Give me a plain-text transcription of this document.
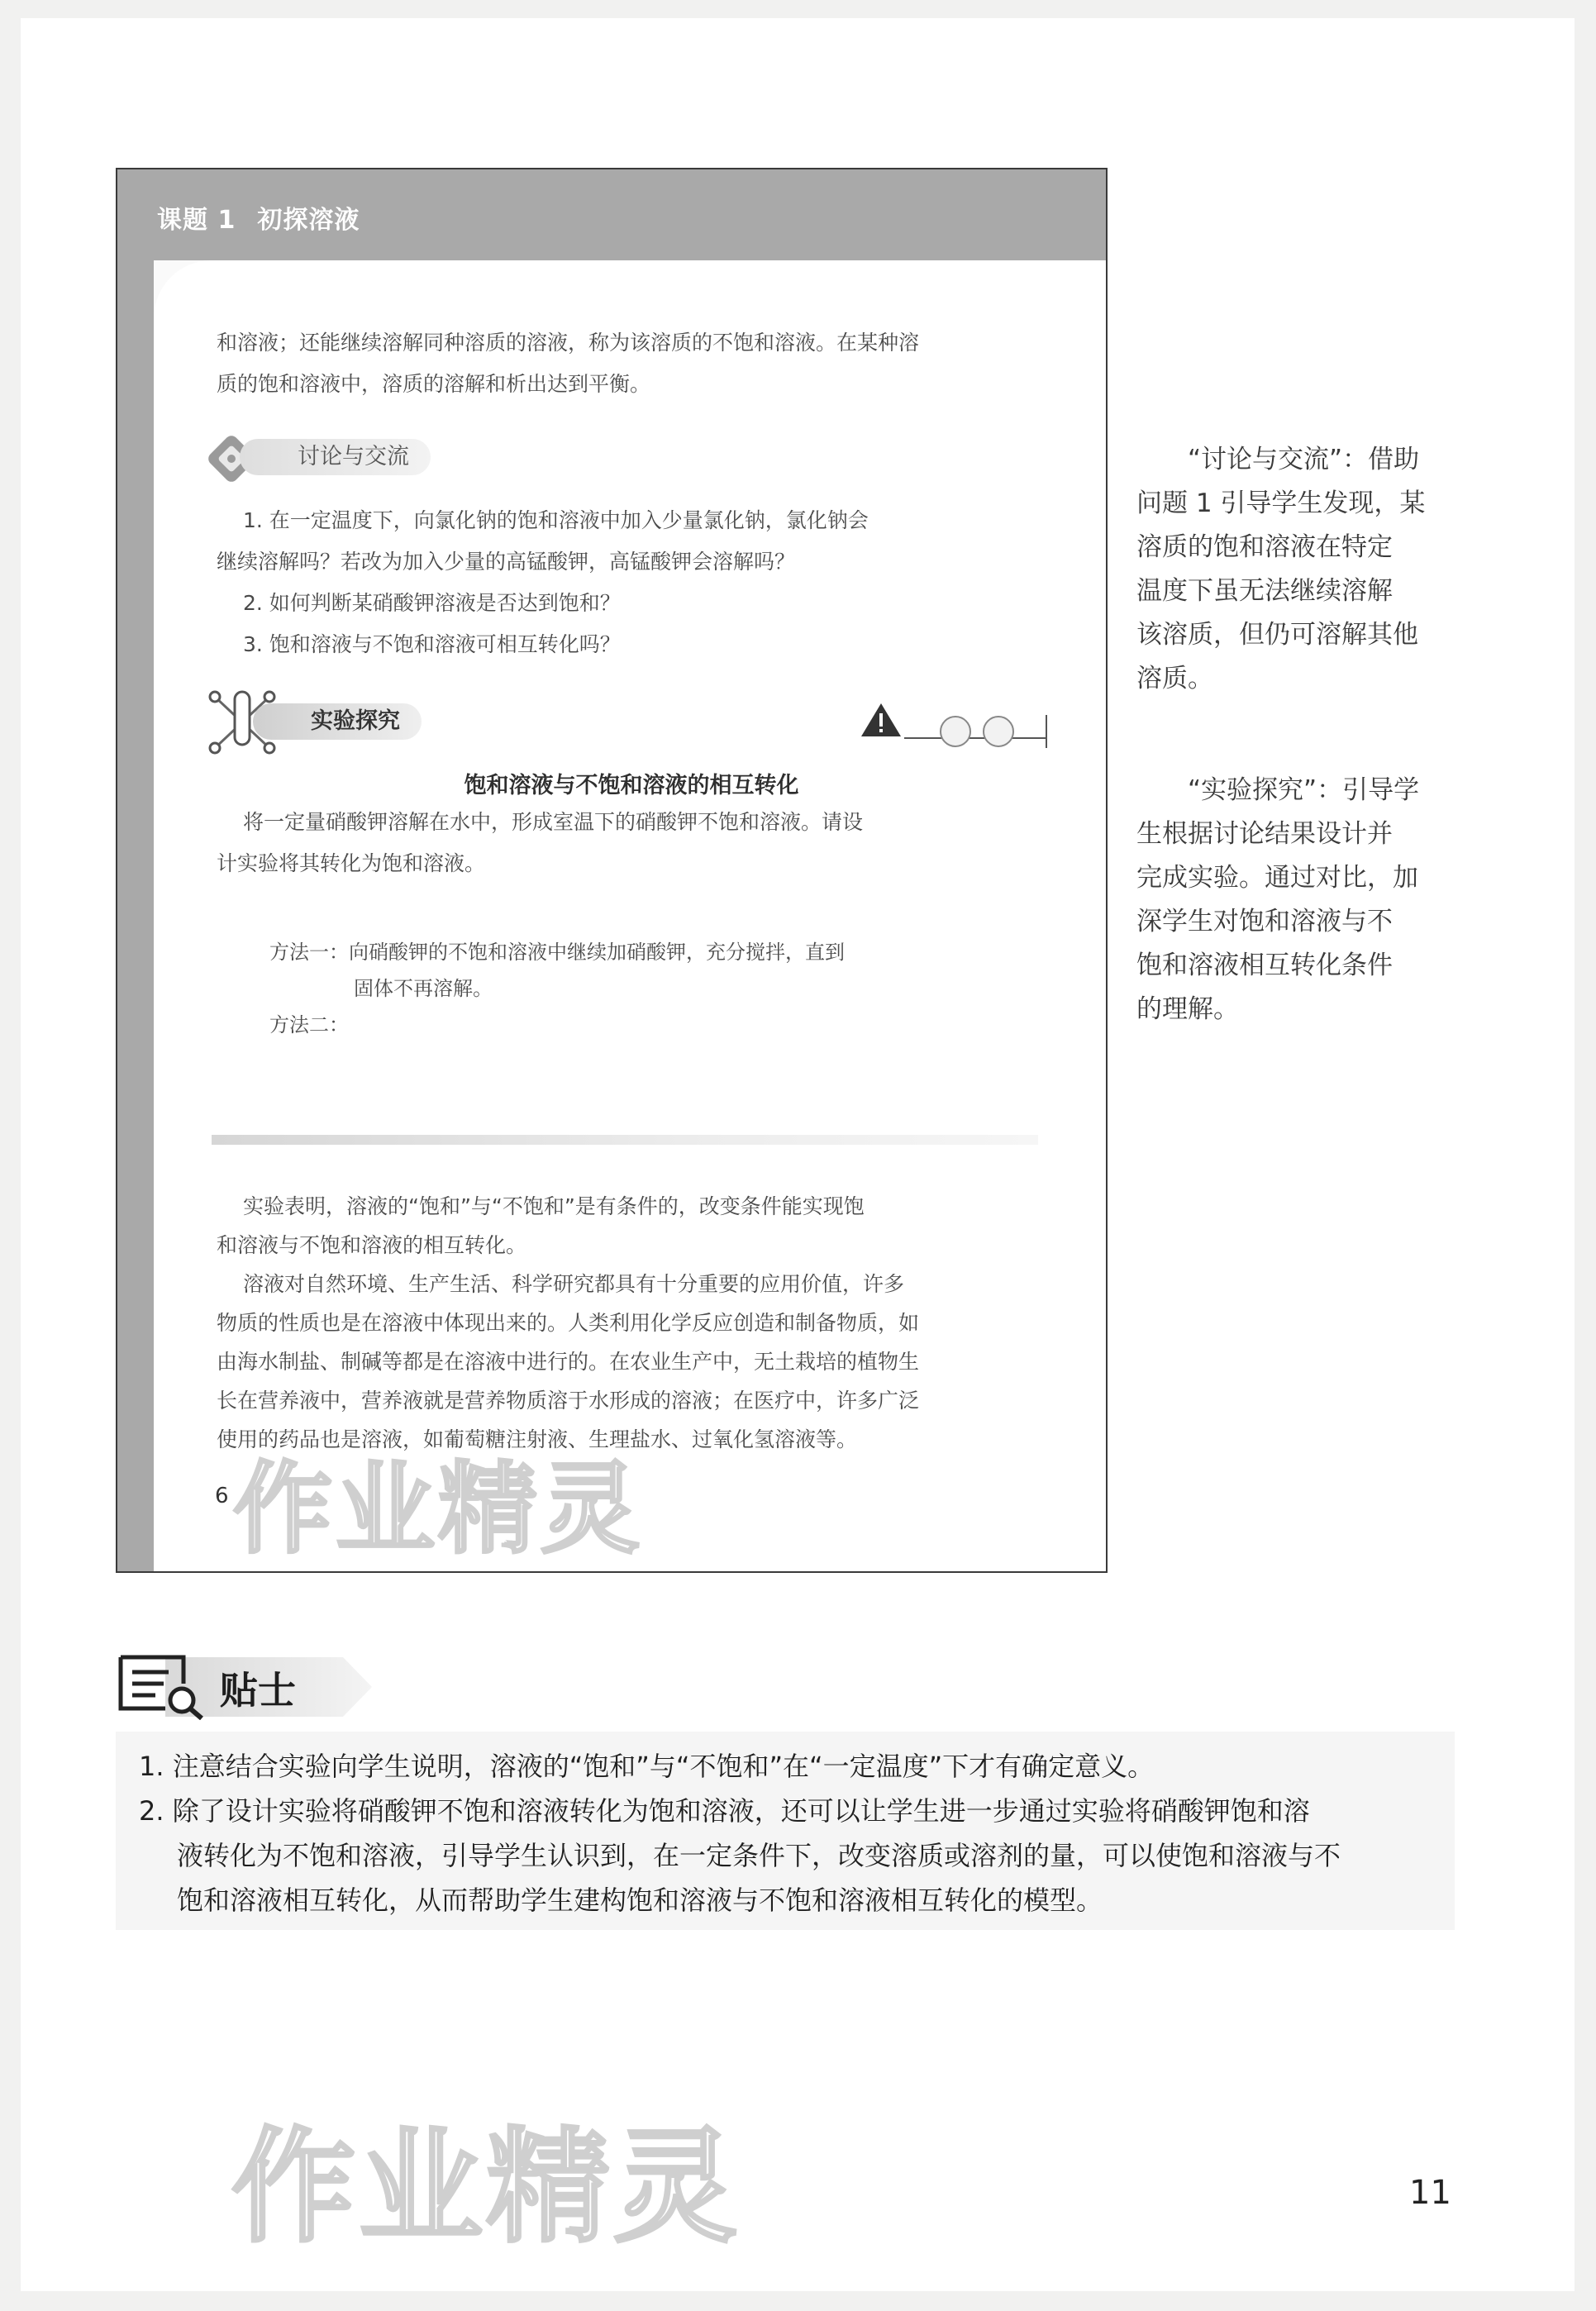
课题 1 初探溶液
和溶液；还能继续溶解同种溶质的溶液，称为该溶质的不饱和溶液。在某种溶
质的饱和溶液中，溶质的溶解和析出达到平衡。
讨论与交流
1. 在一定温度下，向氯化钠的饱和溶液中加入少量氯化钠，氯化钠会
继续溶解吗？若改为加入少量的高锰酸钾，高锰酸钾会溶解吗？
2. 如何判断某硝酸钾溶液是否达到饱和？
3. 饱和溶液与不饱和溶液可相互转化吗？
实验探究
饱和溶液与不饱和溶液的相互转化
将一定量硝酸钾溶解在水中，形成室温下的硝酸钾不饱和溶液。请设
计实验将其转化为饱和溶液。
方法一：向硝酸钾的不饱和溶液中继续加硝酸钾，充分搅拌，直到
固体不再溶解。
方法二：
实验表明，溶液的“饱和”与“不饱和”是有条件的，改变条件能实现饱
和溶液与不饱和溶液的相互转化。
溶液对自然环境、生产生活、科学研究都具有十分重要的应用价值，许多
物质的性质也是在溶液中体现出来的。人类利用化学反应创造和制备物质，如
由海水制盐、制碱等都是在溶液中进行的。在农业生产中，无土栽培的植物生
长在营养液中，营养液就是营养物质溶于水形成的溶液；在医疗中，许多广泛
使用的药品也是溶液，如葡萄糖注射液、生理盐水、过氧化氢溶液等。
6 作业精灵
“讨论与交流”：借助
问题 1 引导学生发现，某
溶质的饱和溶液在特定
温度下虽无法继续溶解
该溶质，但仍可溶解其他
溶质。
“实验探究”：引导学
生根据讨论结果设计并
完成实验。通过对比，加
深学生对饱和溶液与不
饱和溶液相互转化条件
的理解。
贴士
1. 注意结合实验向学生说明，溶液的“饱和”与“不饱和”在“一定温度”下才有确定意义。
2. 除了设计实验将硝酸钾不饱和溶液转化为饱和溶液，还可以让学生进一步通过实验将硝酸钾饱和溶
液转化为不饱和溶液，引导学生认识到，在一定条件下，改变溶质或溶剂的量，可以使饱和溶液与不
饱和溶液相互转化，从而帮助学生建构饱和溶液与不饱和溶液相互转化的模型。
作业精灵	11
